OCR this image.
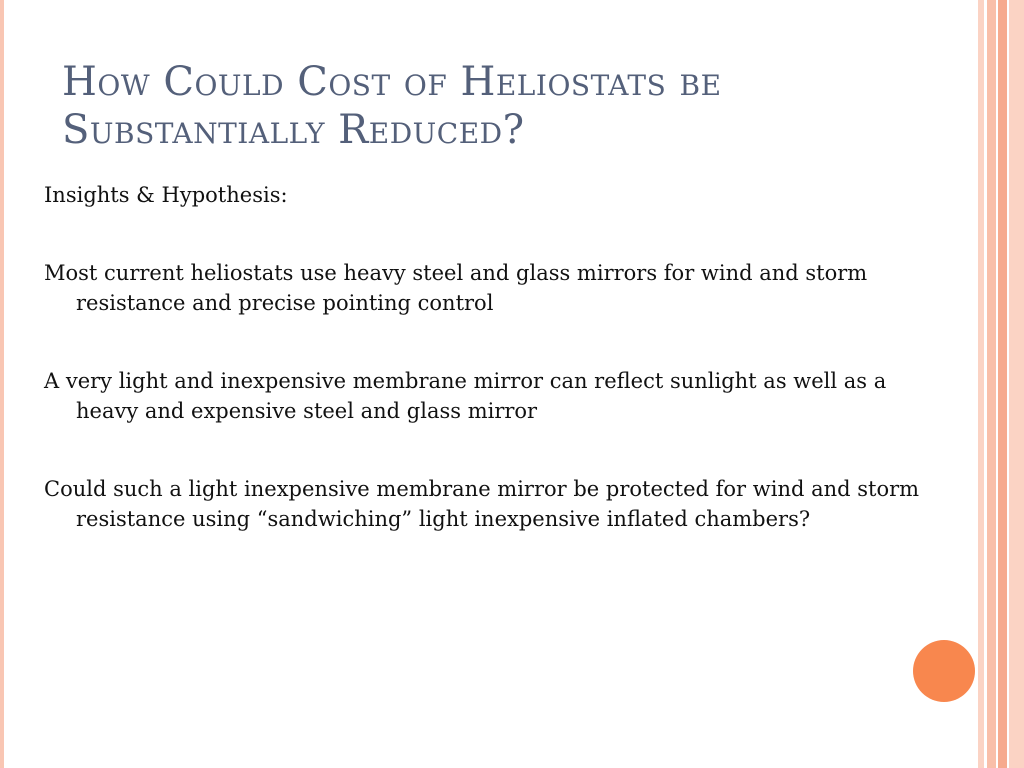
How Could Cost of Heliostats be Substantially Reduced?
Insights & Hypothesis:
Most current heliostats use heavy steel and glass mirrors for wind and storm resistance and precise pointing control
A very light and inexpensive membrane mirror can reflect sunlight as well as a heavy and expensive steel and glass mirror
Could such a light inexpensive membrane mirror be protected for wind and storm resistance using “sandwiching” light inexpensive inflated chambers?
